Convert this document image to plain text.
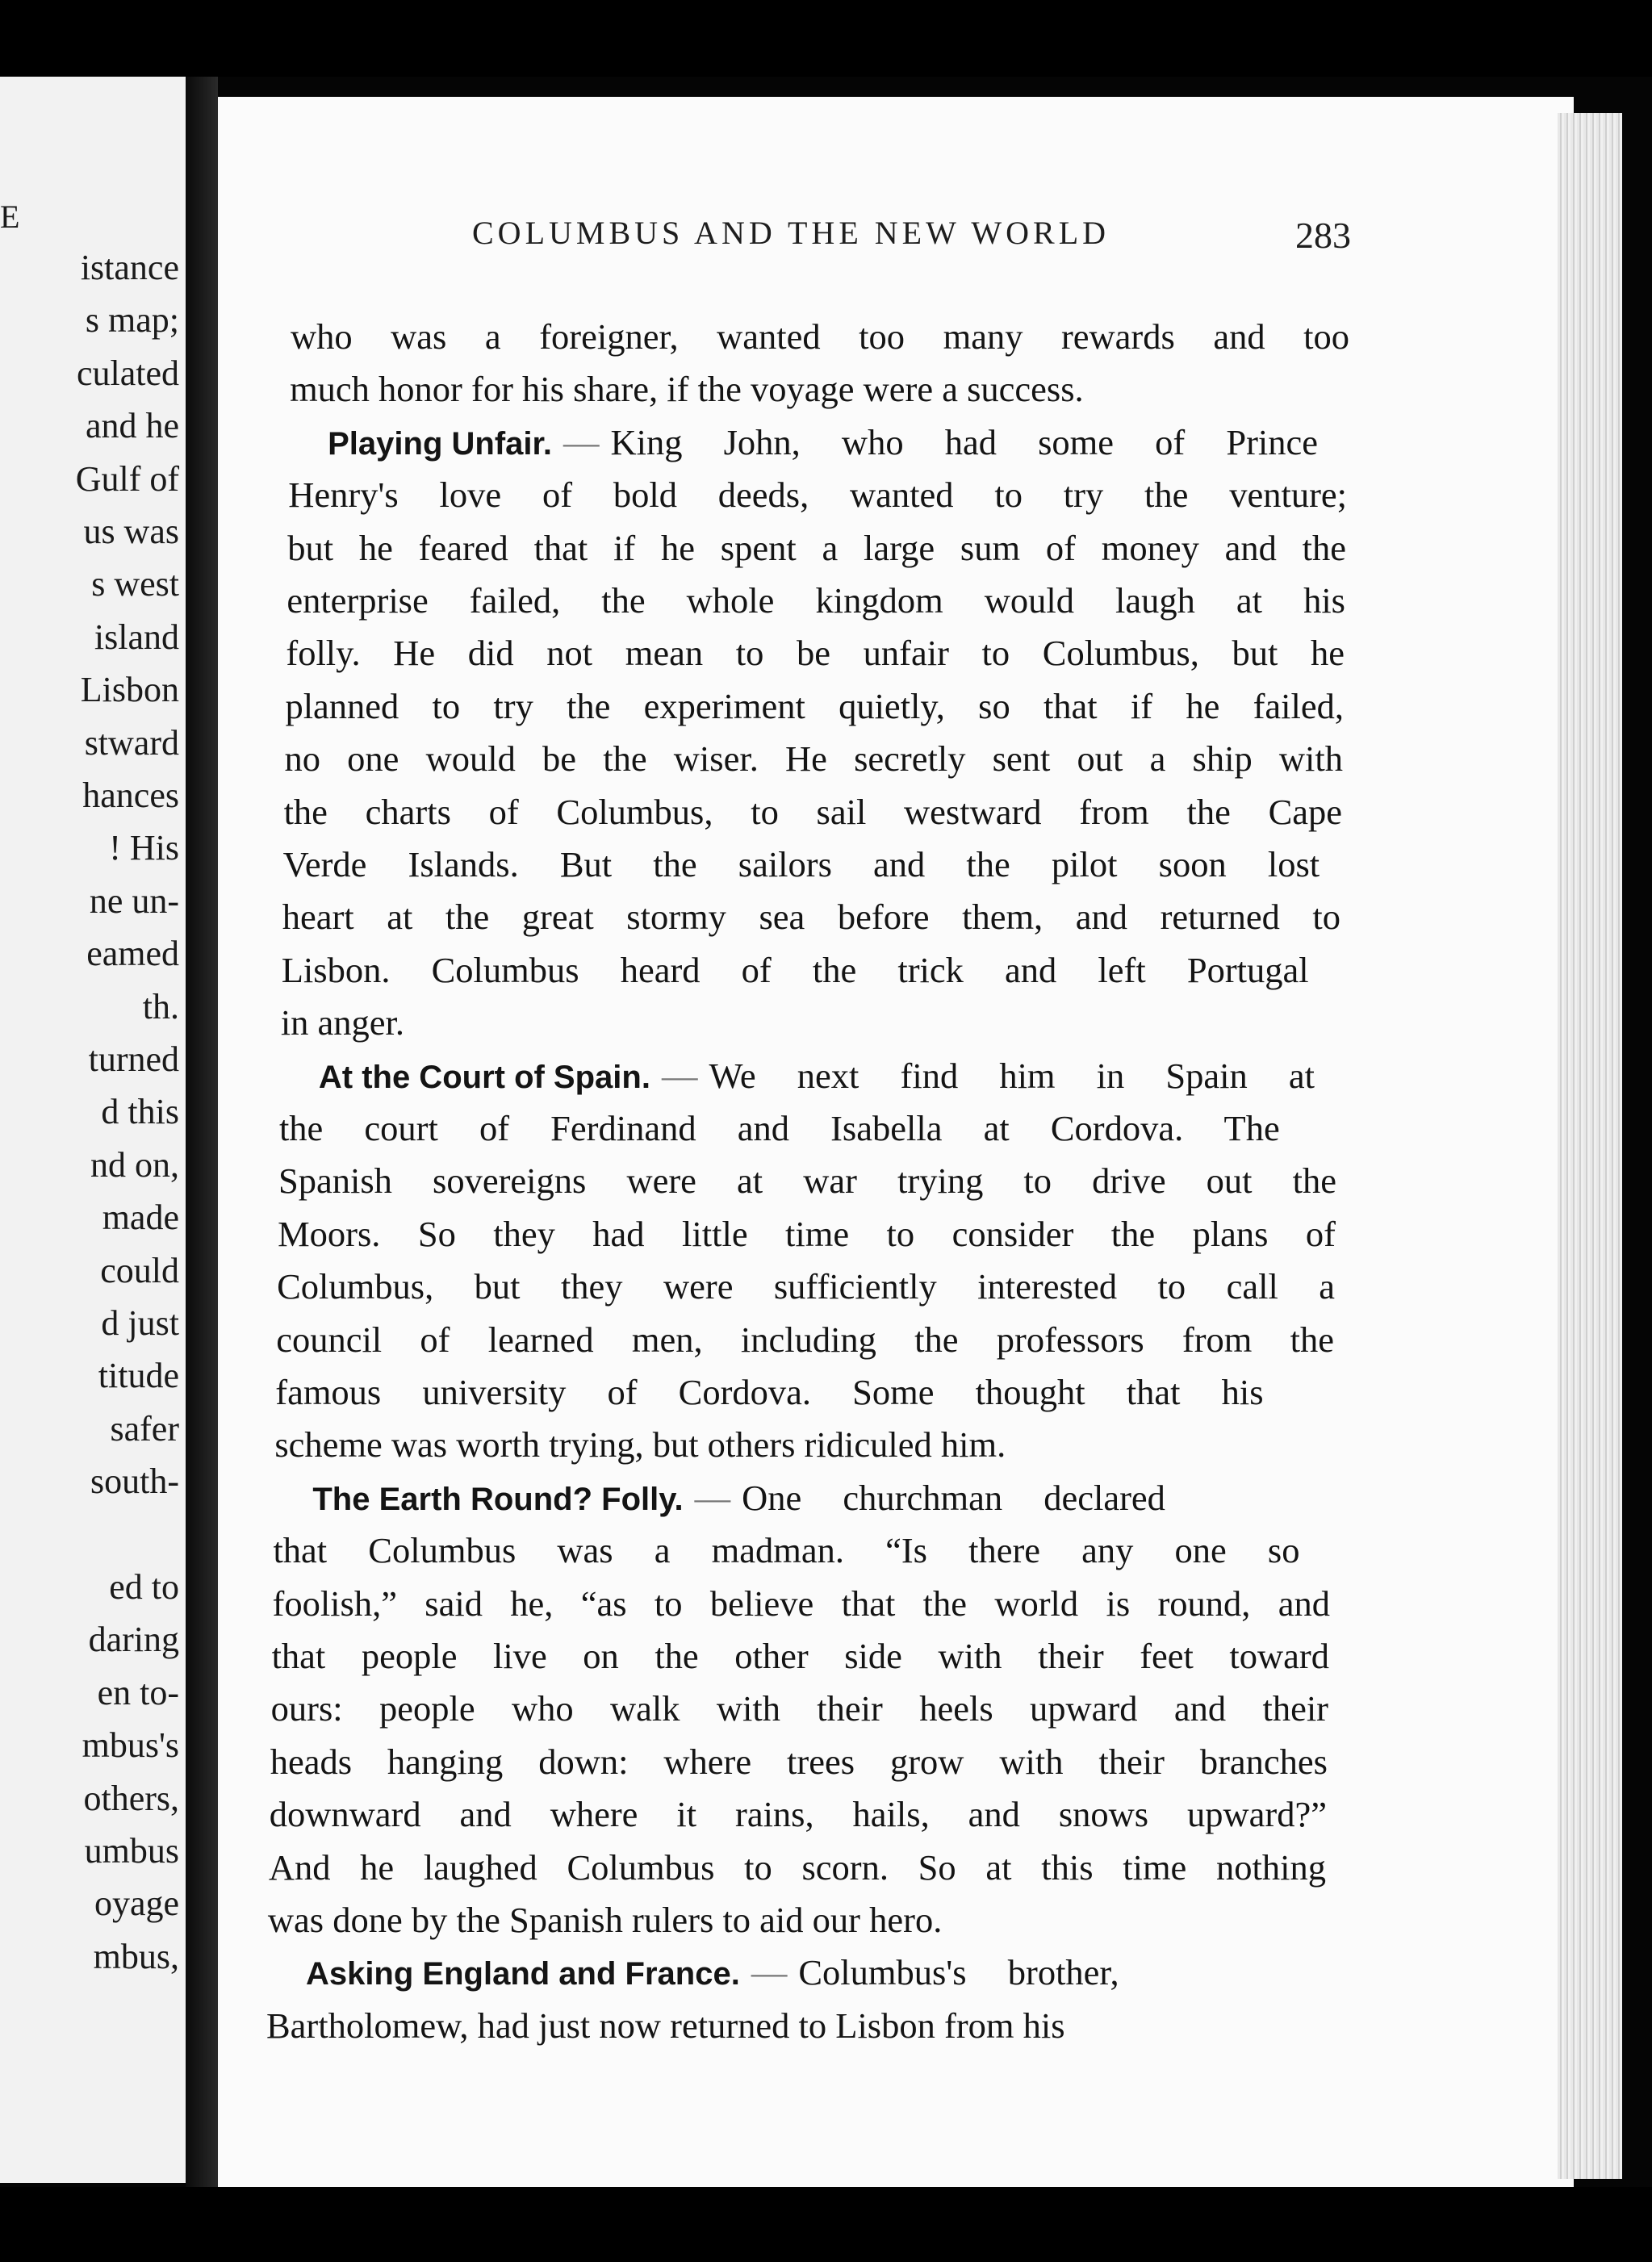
E
istance
s map;
culated
and he
Gulf of
us was
s west
island
Lisbon
stward
hances
! His
ne un-
eamed
th.
turned
d this
nd on,
made
could
d just
titude
safer
south-
ed to
daring
en to-
mbus's
others,
umbus
oyage
mbus,
COLUMBUS AND THE NEW WORLD	283
who was a foreigner, wanted too many rewards and too
much honor for his share, if the voyage were a success.
Playing Unfair. — King John, who had some of Prince
Henry's love of bold deeds, wanted to try the venture;
but he feared that if he spent a large sum of money and the
enterprise failed, the whole kingdom would laugh at his
folly. He did not mean to be unfair to Columbus, but he
planned to try the experiment quietly, so that if he failed,
no one would be the wiser. He secretly sent out a ship with
the charts of Columbus, to sail westward from the Cape
Verde Islands. But the sailors and the pilot soon lost
heart at the great stormy sea before them, and returned to
Lisbon. Columbus heard of the trick and left Portugal
in anger.
At the Court of Spain. — We next find him in Spain at
the court of Ferdinand and Isabella at Cordova. The
Spanish sovereigns were at war trying to drive out the
Moors. So they had little time to consider the plans of
Columbus, but they were sufficiently interested to call a
council of learned men, including the professors from the
famous university of Cordova. Some thought that his
scheme was worth trying, but others ridiculed him.
The Earth Round? Folly. — One churchman declared
that Columbus was a madman. “Is there any one so
foolish,” said he, “as to believe that the world is round, and
that people live on the other side with their feet toward
ours: people who walk with their heels upward and their
heads hanging down: where trees grow with their branches
downward and where it rains, hails, and snows upward?”
And he laughed Columbus to scorn. So at this time nothing
was done by the Spanish rulers to aid our hero.
Asking England and France. — Columbus's brother,
Bartholomew, had just now returned to Lisbon from his
